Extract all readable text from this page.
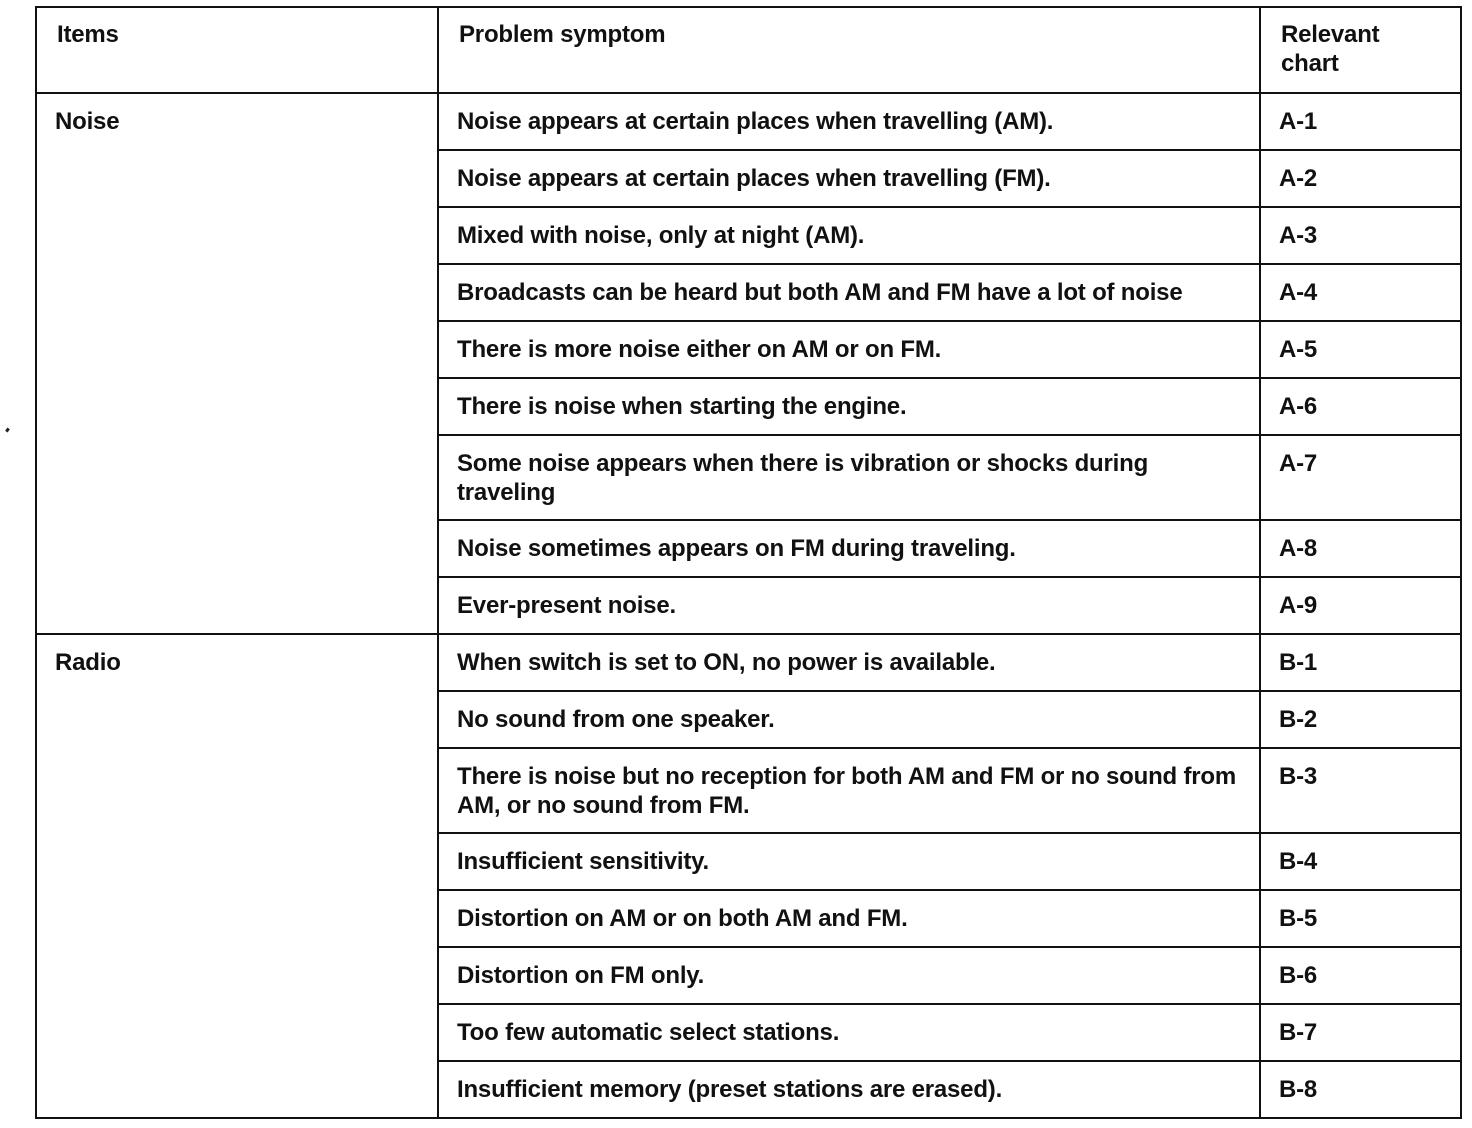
Items	Problem symptom	Relevant chart

Noise	Noise appears at certain places when travelling (AM).	A-1

	Noise appears at certain places when travelling (FM).	A-2

	Mixed with noise, only at night (AM).	A-3

	Broadcasts can be heard but both AM and FM have a lot of noise	A-4

	There is more noise either on AM or on FM.	A-5

	There is noise when starting the engine.	A-6

	Some noise appears when there is vibration or shocks during traveling	A-7

	Noise sometimes appears on FM during traveling.	A-8

	Ever-present noise.	A-9

Radio	When switch is set to ON, no power is available.	B-1

	No sound from one speaker.	B-2

	There is noise but no reception for both AM and FM or no sound from AM, or no sound from FM.	B-3

	Insufficient sensitivity.	B-4

	Distortion on AM or on both AM and FM.	B-5

	Distortion on FM only.	B-6

	Too few automatic select stations.	B-7

	Insufficient memory (preset stations are erased).	B-8
